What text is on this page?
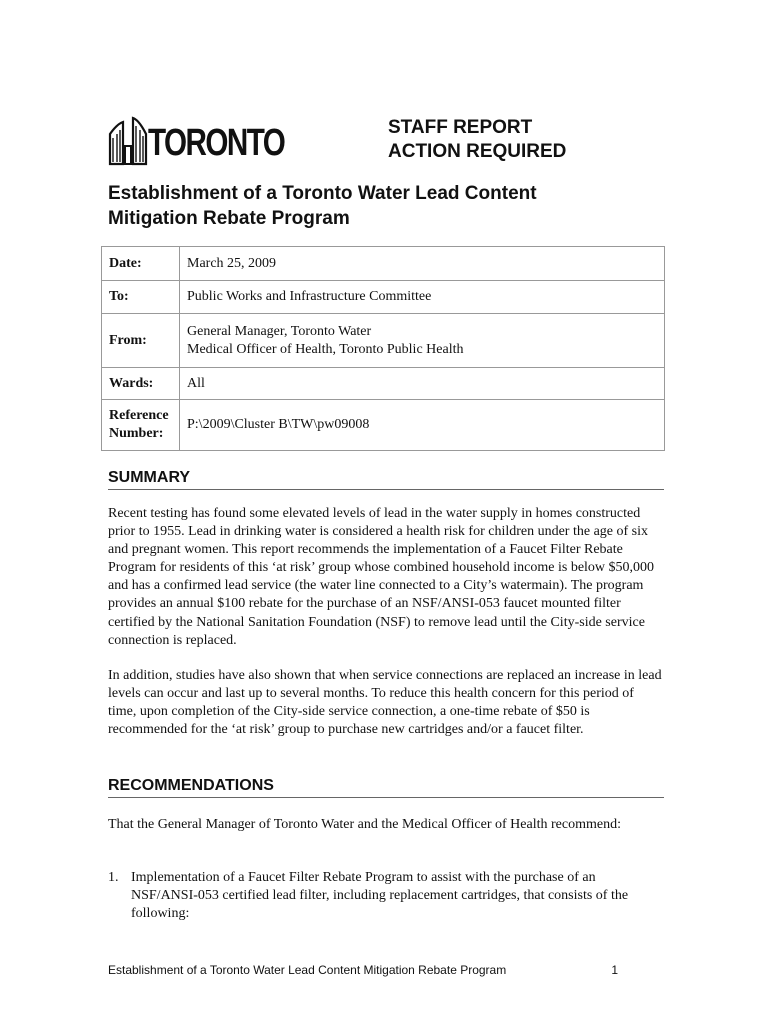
TORONTO	STAFF REPORT
ACTION REQUIRED
Establishment of a Toronto Water Lead Content
Mitigation Rebate Program
Date:	March 25, 2009
To:	Public Works and Infrastructure Committee
From:	General Manager, Toronto Water
Medical Officer of Health, Toronto Public Health

Wards:	All

Reference
Number:	P:\2009\Cluster B\TW\pw09008
SUMMARY

Recent testing has found some elevated levels of lead in the water supply in homes constructed prior to 1955. Lead in drinking water is considered a health risk for children under the age of six and pregnant women. This report recommends the implementation of a Faucet Filter Rebate Program for residents of this ‘at risk’ group whose combined household income is below $50,000 and has a confirmed lead service (the water line connected to a City’s watermain). The program provides an annual $100 rebate for the purchase of an NSF/ANSI-053 faucet mounted filter certified by the National Sanitation Foundation (NSF) to remove lead until the City-side service connection is replaced.

In addition, studies have also shown that when service connections are replaced an increase in lead levels can occur and last up to several months. To reduce this health concern for this period of time, upon completion of the City-side service connection, a one-time rebate of $50 is recommended for the ‘at risk’ group to purchase new cartridges and/or a faucet filter.

RECOMMENDATIONS

That the General Manager of Toronto Water and the Medical Officer of Health recommend:

1. Implementation of a Faucet Filter Rebate Program to assist with the purchase of an NSF/ANSI-053 certified lead filter, including replacement cartridges, that consists of the following:
Establishment of a Toronto Water Lead Content Mitigation Rebate Program	1
